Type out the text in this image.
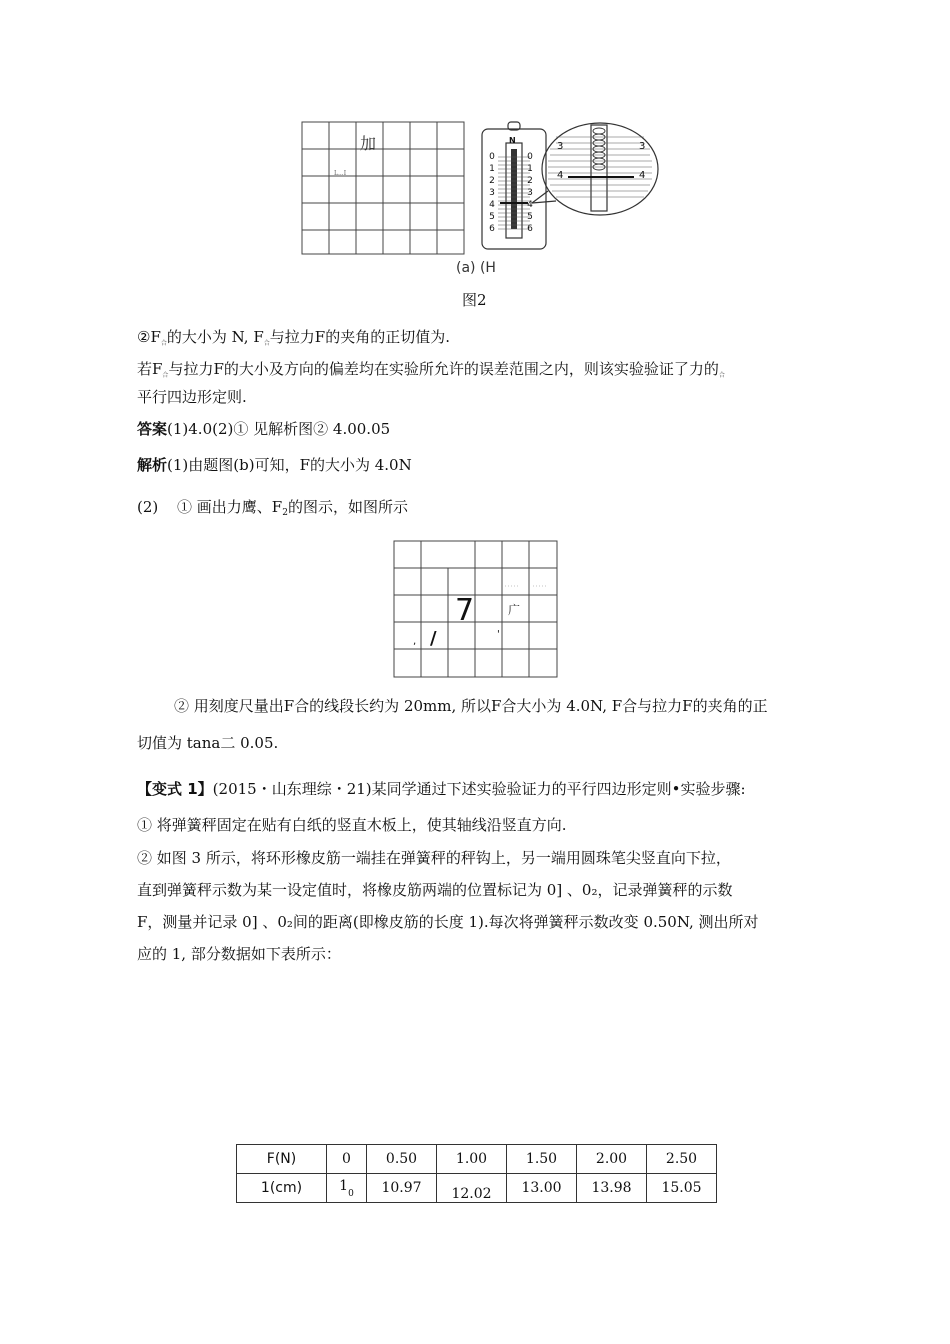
加
L...I
N
0
1
2
3
4
5
6
0
1
2
3
4
5
6
3	3
4	4
(a) (H
图2
$②F_合$的大小为 N, $F_合$与拉力F的夹角的正切值为.
若$F_合$与拉力F的大小及方向的偏差均在实验所允许的误差范围之内，则该实验验证了力的$_合$
平行四边形定则.
答案(1)4.0(2)① 见解析图② 4.00.05
解析(1)由题图(b)可知，F的大小为 4.0N
(2) ① 画出力鹰、$F_2$的图示，如图所示
7	广
/
,
'
② 用刻度尺量出F合的线段长约为 20mm, 所以F合大小为 4.0N, F合与拉力F的夹角的正
切值为 tana二 0.05.
【变式 1】(2015・山东理综・21)某同学通过下述实验验证力的平行四边形定则•实验步骤:
① 将弹簧秤固定在贴有白纸的竖直木板上，使其轴线沿竖直方向.
② 如图 3 所示，将环形橡皮筋一端挂在弹簧秤的秤钩上，另一端用圆珠笔尖竖直向下拉，
直到弹簧秤示数为某一设定值时，将橡皮筋两端的位置标记为 0] 、0₂，记录弹簧秤的示数
F，测量并记录 0] 、0₂间的距离(即橡皮筋的长度 1).每次将弹簧秤示数改变 0.50N, 测出所对
应的 1, 部分数据如下表所示：
F(N)	0	0.50	1.00	1.50	2.00	2.50
1(cm)	$1_0$	10.97	12.02	13.00	13.98	15.05
